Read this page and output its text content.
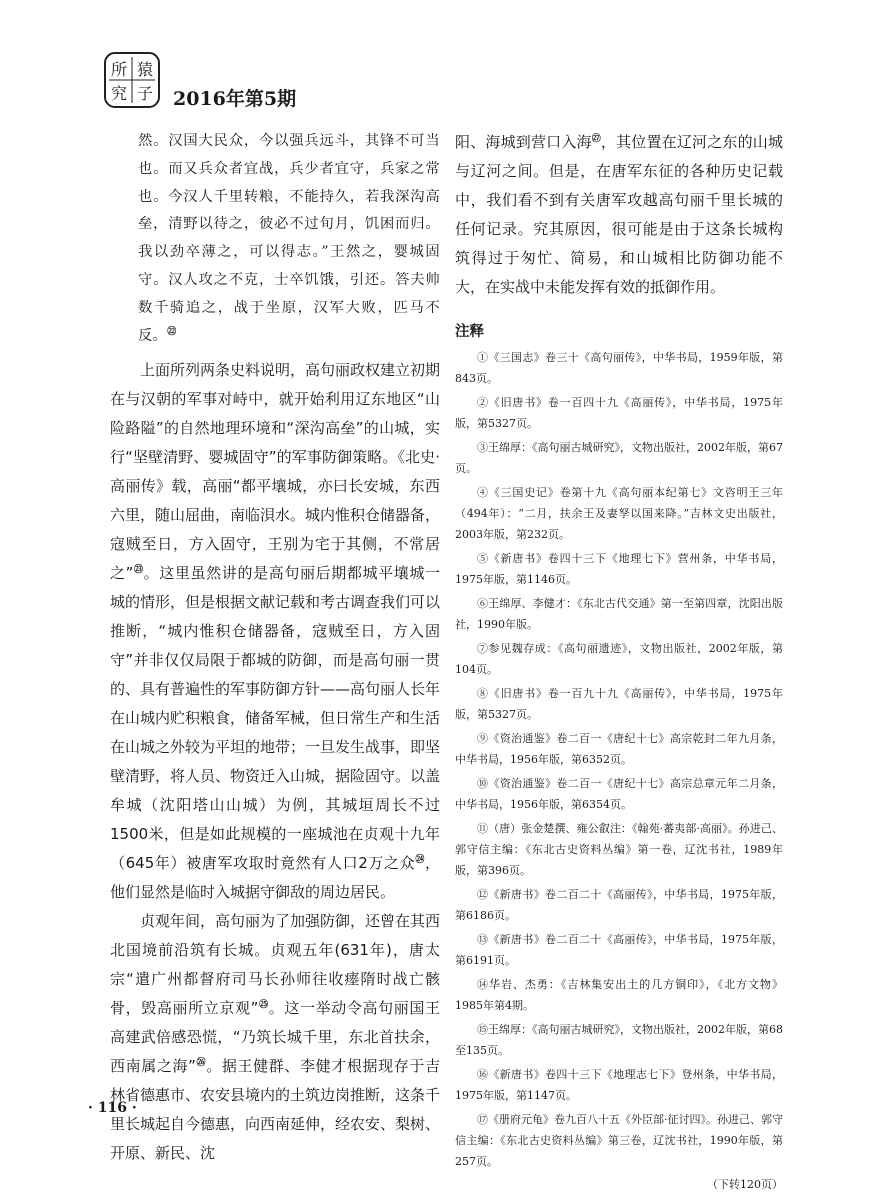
所 猿
究 子 2016年第5期
然。汉国大民众，今以强兵远斗，其锋不可当也。而又兵众者宜战，兵少者宜守，兵家之常也。今汉人千里转粮，不能持久，若我深沟高垒，清野以待之，彼必不过旬月，饥困而归。我以劲卒薄之，可以得志。”王然之，婴城固守。汉人攻之不克，士卒饥饿，引还。答夫帅数千骑追之，战于坐原，汉军大败，匹马不反。$^㉒$

上面所列两条史料说明，高句丽政权建立初期在与汉朝的军事对峙中，就开始利用辽东地区“山险路隘”的自然地理环境和“深沟高垒”的山城，实行“坚壁清野、婴城固守”的军事防御策略。《北史·高丽传》载，高丽“都平壤城，亦曰长安城，东西六里，随山屈曲，南临浿水。城内惟积仓储器备，寇贼至日，方入固守，王别为宅于其侧，不常居之”$^㉓$。这里虽然讲的是高句丽后期都城平壤城一城的情形，但是根据文献记载和考古调查我们可以推断，“城内惟积仓储器备，寇贼至日，方入固守”并非仅仅局限于都城的防御，而是高句丽一贯的、具有普遍性的军事防御方针——高句丽人长年在山城内贮积粮食，储备军械，但日常生产和生活在山城之外较为平坦的地带；一旦发生战事，即坚壁清野，将人员、物资迁入山城，据险固守。以盖牟城（沈阳塔山山城）为例，其城垣周长不过1500米，但是如此规模的一座城池在贞观十九年（645年）被唐军攻取时竟然有人口2万之众$^㉔$，他们显然是临时入城据守御敌的周边居民。

贞观年间，高句丽为了加强防御，还曾在其西北国境前沿筑有长城。贞观五年(631年)，唐太宗“遣广州都督府司马长孙师往收瘗隋时战亡骸骨，毁高丽所立京观”$^㉕$。这一举动令高句丽国王高建武倍感恐慌，“乃筑长城千里，东北首扶余，西南属之海”$^㉖$。据王健群、李健才根据现存于吉林省德惠市、农安县境内的土筑边岗推断，这条千里长城起自今德惠，向西南延伸，经农安、梨树、开原、新民、沈

阳、海城到营口入海$^㉗$，其位置在辽河之东的山城与辽河之间。但是，在唐军东征的各种历史记载中，我们看不到有关唐军攻越高句丽千里长城的任何记录。究其原因，很可能是由于这条长城构筑得过于匆忙、简易，和山城相比防御功能不大，在实战中未能发挥有效的抵御作用。

注释

①《三国志》卷三十《高句丽传》，中华书局，1959年版，第843页。

②《旧唐书》卷一百四十九《高丽传》，中华书局，1975年版，第5327页。

③王绵厚：《高句丽古城研究》，文物出版社，2002年版，第67页。

④《三国史记》卷第十九《高句丽本纪第七》文咨明王三年（494年）：“二月，扶余王及妻孥以国来降。”吉林文史出版社，2003年版，第232页。

⑤《新唐书》卷四十三下《地理七下》营州条，中华书局，1975年版，第1146页。

⑥王绵厚、李健才：《东北古代交通》第一至第四章，沈阳出版社，1990年版。

⑦参见魏存成：《高句丽遗迹》，文物出版社，2002年版，第104页。

⑧《旧唐书》卷一百九十九《高丽传》，中华书局，1975年版，第5327页。

⑨《资治通鉴》卷二百一《唐纪十七》高宗乾封二年九月条，中华书局，1956年版，第6352页。

⑩《资治通鉴》卷二百一《唐纪十七》高宗总章元年二月条，中华书局，1956年版，第6354页。

⑪（唐）张金楚撰、雍公叡注：《翰苑·蕃夷部·高丽》。孙进己、郭守信主编：《东北古史资料丛编》第一卷，辽沈书社，1989年版，第396页。

⑫《新唐书》卷二百二十《高丽传》，中华书局，1975年版，第6186页。

⑬《新唐书》卷二百二十《高丽传》，中华书局，1975年版，第6191页。

⑭华岩、杰勇：《吉林集安出土的几方铜印》，《北方文物》1985年第4期。

⑮王绵厚：《高句丽古城研究》，文物出版社，2002年版，第68至135页。

⑯《新唐书》卷四十三下《地理志七下》登州条，中华书局，1975年版，第1147页。

⑰《册府元龟》卷九百八十五《外臣部·征讨四》。孙进己、郭守信主编：《东北古史资料丛编》第三卷，辽沈书社，1990年版，第257页。

（下转120页）
· 116 ·
